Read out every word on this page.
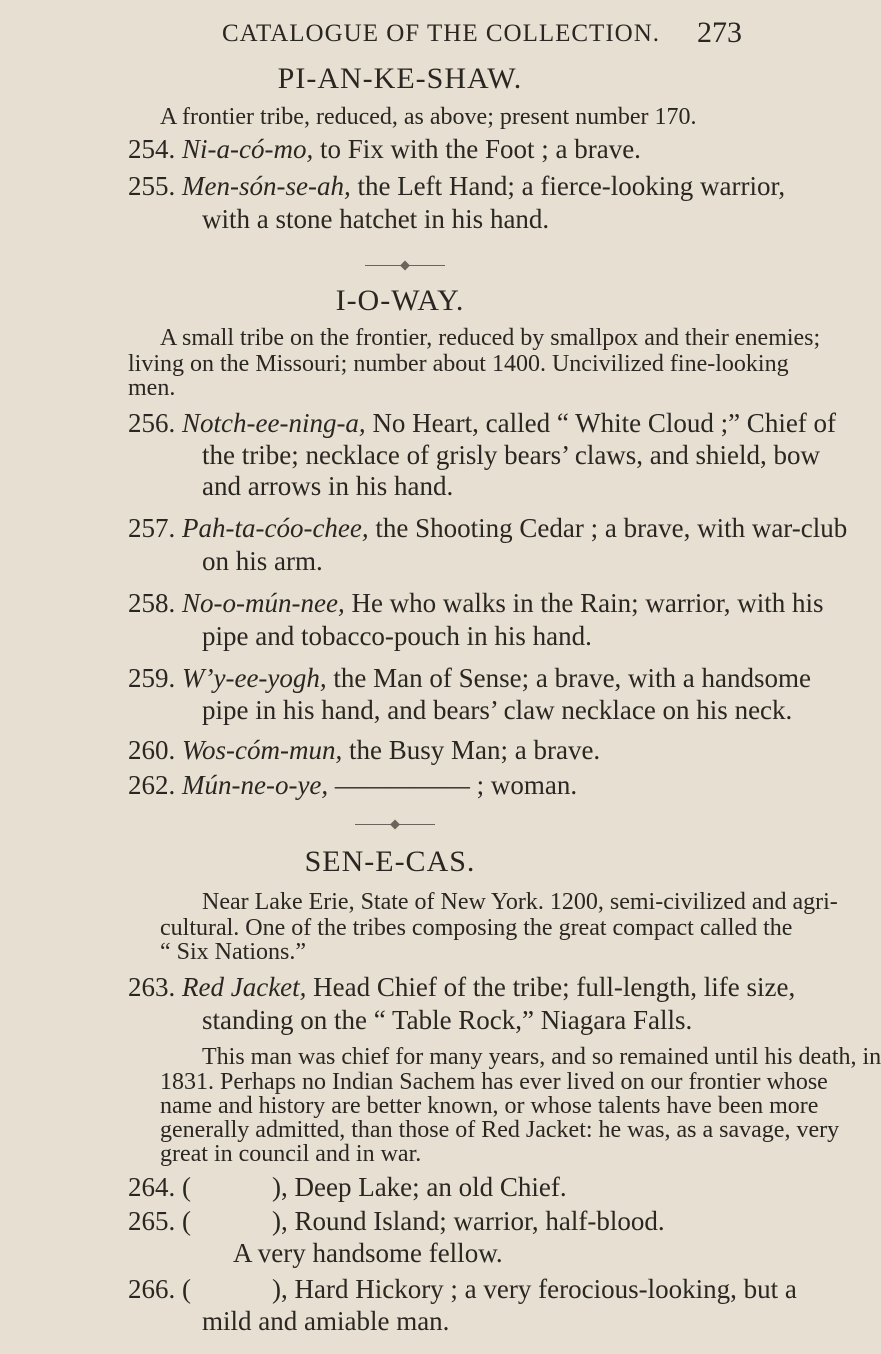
CATALOGUE OF THE COLLECTION. 273
PI-AN-KE-SHAW.
A frontier tribe, reduced, as above; present number 170.
254. Ni-a-có-mo, to Fix with the Foot ; a brave.
255. Men-són-se-ah, the Left Hand; a fierce-looking warrior,
with a stone hatchet in his hand.
I-O-WAY.
A small tribe on the frontier, reduced by smallpox and their enemies;
living on the Missouri; number about 1400. Uncivilized fine-looking
men.
256. Notch-ee-ning-a, No Heart, called “ White Cloud ;” Chief of
the tribe; necklace of grisly bears’ claws, and shield, bow
and arrows in his hand.
257. Pah-ta-cóo-chee, the Shooting Cedar ; a brave, with war-club
on his arm.
258. No-o-mún-nee, He who walks in the Rain; warrior, with his
pipe and tobacco-pouch in his hand.
259. W’y-ee-yogh, the Man of Sense; a brave, with a handsome
pipe in his hand, and bears’ claw necklace on his neck.
260. Wos-cóm-mun, the Busy Man; a brave.
262. Mún-ne-o-ye, ————— ; woman.
SEN-E-CAS.
Near Lake Erie, State of New York. 1200, semi-civilized and agri-
cultural. One of the tribes composing the great compact called the
“ Six Nations.”
263. Red Jacket, Head Chief of the tribe; full-length, life size,
standing on the “ Table Rock,” Niagara Falls.
This man was chief for many years, and so remained until his death, in
1831. Perhaps no Indian Sachem has ever lived on our frontier whose
name and history are better known, or whose talents have been more
generally admitted, than those of Red Jacket: he was, as a savage, very
great in council and in war.
264. (            ), Deep Lake; an old Chief.
265. (            ), Round Island; warrior, half-blood.
A very handsome fellow.
266. (            ), Hard Hickory ; a very ferocious-looking, but a
mild and amiable man.
